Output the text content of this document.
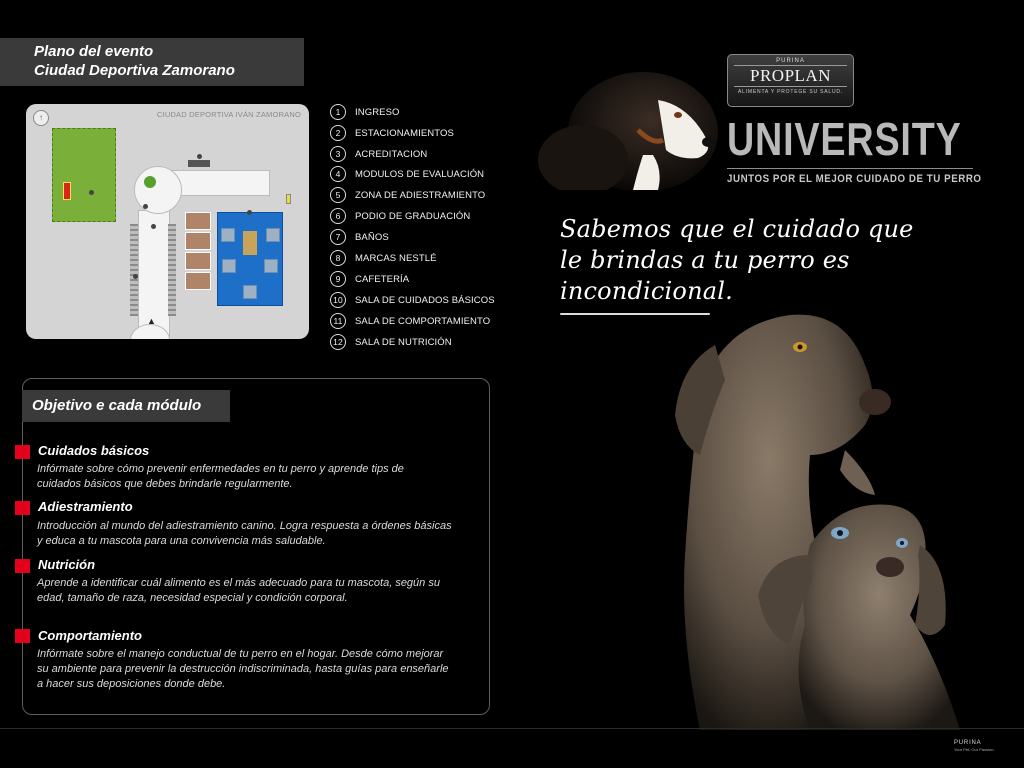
Plano del evento
Ciudad Deportiva Zamorano
↑	CIUDAD DEPORTIVA IVÁN ZAMORANO
▲
1	INGRESO
2	ESTACIONAMIENTOS
3	ACREDITACION
4	MODULOS DE EVALUACIÓN
5	ZONA DE ADIESTRAMIENTO
6	PODIO DE GRADUACIÓN
7	BAÑOS
8	MARCAS NESTLÉ
9	CAFETERÍA
10	SALA DE CUIDADOS BÁSICOS
11	SALA DE COMPORTAMIENTO
12	SALA DE NUTRICIÓN
Objetivo e cada módulo
Cuidados básicos
Infórmate sobre cómo prevenir enfermedades en tu perro y aprende tips de
cuidados básicos que debes brindarle regularmente.
Adiestramiento
Introducción al mundo del adiestramiento canino. Logra respuesta a órdenes básicas
y educa a tu mascota para una convivencia más saludable.
Nutrición
Aprende a identificar cuál alimento es el más adecuado para tu mascota, según su
edad, tamaño de raza, necesidad especial y condición corporal.
Comportamiento
Infórmate sobre el manejo conductual de tu perro en el hogar. Desde cómo mejorar
su ambiente para prevenir la destrucción indiscriminada, hasta guías para enseñarle
a hacer sus deposiciones donde debe.
PURINA
PROPLAN
ALIMENTA Y PROTEGE SU SALUD.
UNIVERSITY
JUNTOS POR EL MEJOR CUIDADO DE TU PERRO
Sabemos que el cuidado que
le brindas a tu perro es
incondicional.
PURINA
Your Pet, Our Passion.
